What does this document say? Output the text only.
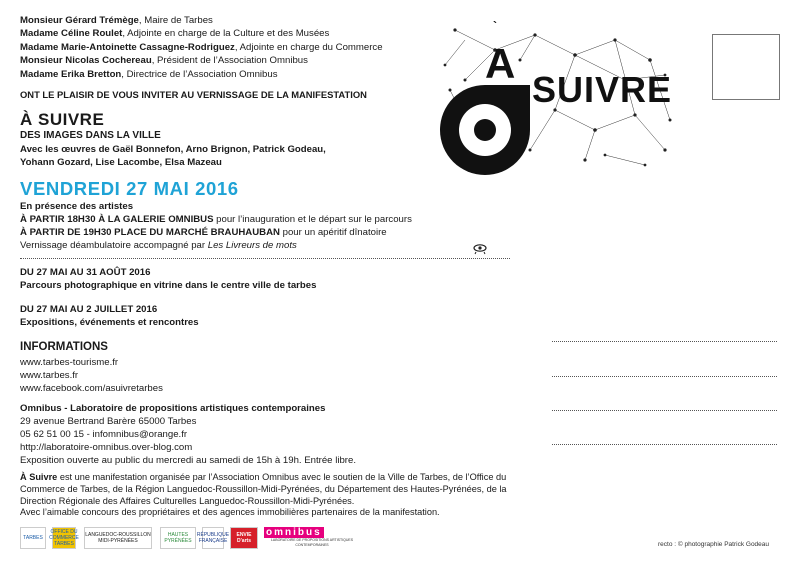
Monsieur Gérard Trémège, Maire de Tarbes
Madame Céline Roulet, Adjointe en charge de la Culture et des Musées
Madame Marie-Antoinette Cassagne-Rodriguez, Adjointe en charge du Commerce
Monsieur Nicolas Cochereau, Président de l’Association Omnibus
Madame Erika Bretton, Directrice de l’Association Omnibus
ONT LE PLAISIR DE VOUS INVITER AU VERNISSAGE DE LA MANIFESTATION
À SUIVRE
DES IMAGES DANS LA VILLE
Avec les œuvres de Gaël Bonnefon, Arno Brignon, Patrick Godeau,
Yohann Gozard, Lise Lacombe, Elsa Mazeau
VENDREDI 27 MAI 2016
En présence des artistes
À PARTIR 18H30 À LA GALERIE OMNIBUS pour l’inauguration et le départ sur le parcours
À PARTIR DE 19H30 PLACE DU MARCHÉ BRAUHAUBAN pour un apéritif dînatoire
Vernissage déambulatoire accompagné par Les Livreurs de mots
DU 27 MAI AU 31 AOÛT 2016
Parcours photographique en vitrine dans le centre ville de tarbes
DU 27 MAI AU 2 JUILLET 2016
Expositions, événements et rencontres
INFORMATIONS
www.tarbes-tourisme.fr
www.tarbes.fr
www.facebook.com/asuivretarbes
Omnibus - Laboratoire de propositions artistiques contemporaines
29 avenue Bertrand Barère 65000 Tarbes
05 62 51 00 15 - infomnibus@orange.fr
http://laboratoire-omnibus.over-blog.com
Exposition ouverte au public du mercredi au samedi de 15h à 19h. Entrée libre.
À Suivre est une manifestation organisée par l’Association Omnibus avec le soutien de la Ville de Tarbes, de l’Office du Commerce de Tarbes, de la Région Languedoc-Roussillon-Midi-Pyrénées, du Département des Hautes-Pyrénées, de la Direction Régionale des Affaires Culturelles Languedoc-Roussillon-Midi-Pyrénées.
Avec l’aimable concours des propriétaires et des agences immobilières partenaires de la manifestation.
TARBES
OFFICE DU COMMERCE TARBES
LANGUEDOC-ROUSSILLON MIDI-PYRÉNÉES
HAUTES PYRÉNÉES
RÉPUBLIQUE FRANÇAISE
ENVIE D'arts
omnibus
LABORATOIRE DE PROPOSITIONS ARTISTIQUES CONTEMPORAINES
A
SUIVRE
`
recto : © photographie Patrick Godeau
